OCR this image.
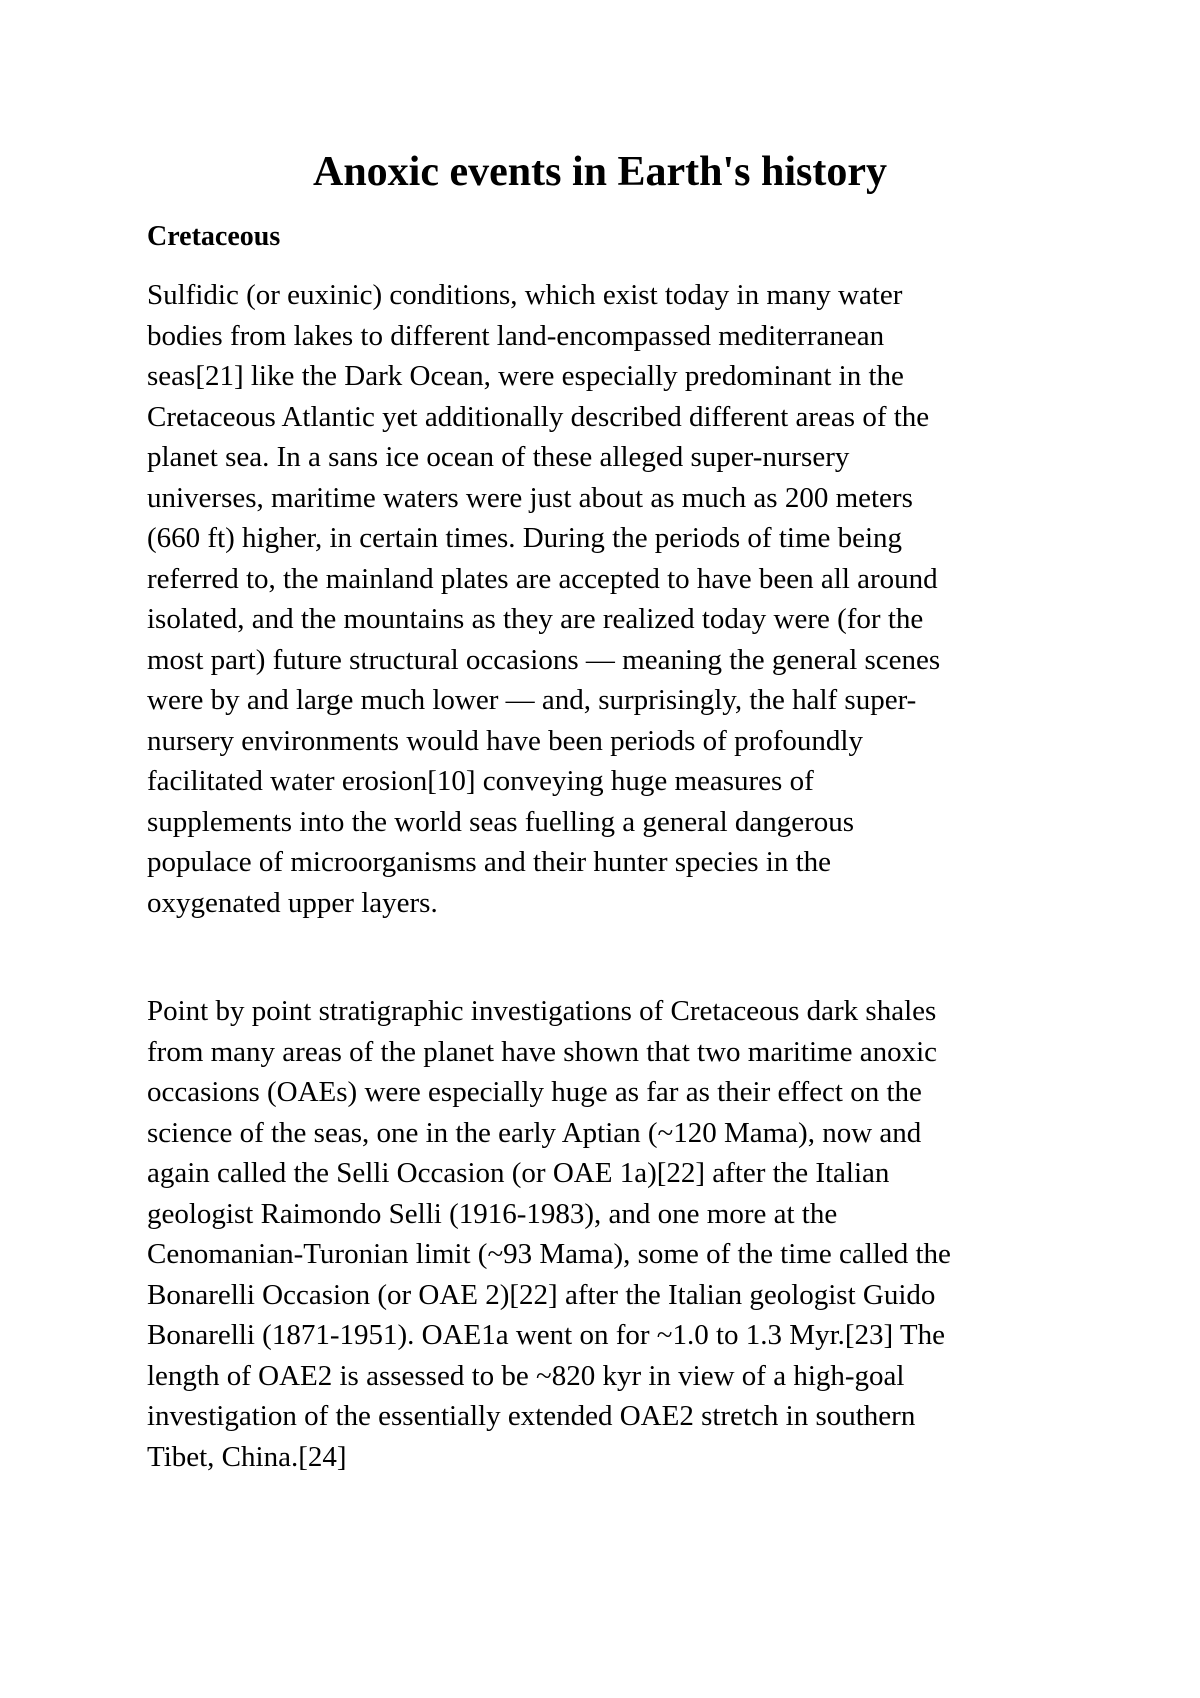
Anoxic events in Earth's history
Cretaceous

Sulfidic (or euxinic) conditions, which exist today in many water
bodies from lakes to different land-encompassed mediterranean
seas[21] like the Dark Ocean, were especially predominant in the
Cretaceous Atlantic yet additionally described different areas of the
planet sea. In a sans ice ocean of these alleged super-nursery
universes, maritime waters were just about as much as 200 meters
(660 ft) higher, in certain times. During the periods of time being
referred to, the mainland plates are accepted to have been all around
isolated, and the mountains as they are realized today were (for the
most part) future structural occasions — meaning the general scenes
were by and large much lower — and, surprisingly, the half super-
nursery environments would have been periods of profoundly
facilitated water erosion[10] conveying huge measures of
supplements into the world seas fuelling a general dangerous
populace of microorganisms and their hunter species in the
oxygenated upper layers.

Point by point stratigraphic investigations of Cretaceous dark shales
from many areas of the planet have shown that two maritime anoxic
occasions (OAEs) were especially huge as far as their effect on the
science of the seas, one in the early Aptian (~120 Mama), now and
again called the Selli Occasion (or OAE 1a)[22] after the Italian
geologist Raimondo Selli (1916-1983), and one more at the
Cenomanian-Turonian limit (~93 Mama), some of the time called the
Bonarelli Occasion (or OAE 2)[22] after the Italian geologist Guido
Bonarelli (1871-1951). OAE1a went on for ~1.0 to 1.3 Myr.[23] The
length of OAE2 is assessed to be ~820 kyr in view of a high-goal
investigation of the essentially extended OAE2 stretch in southern
Tibet, China.[24]
